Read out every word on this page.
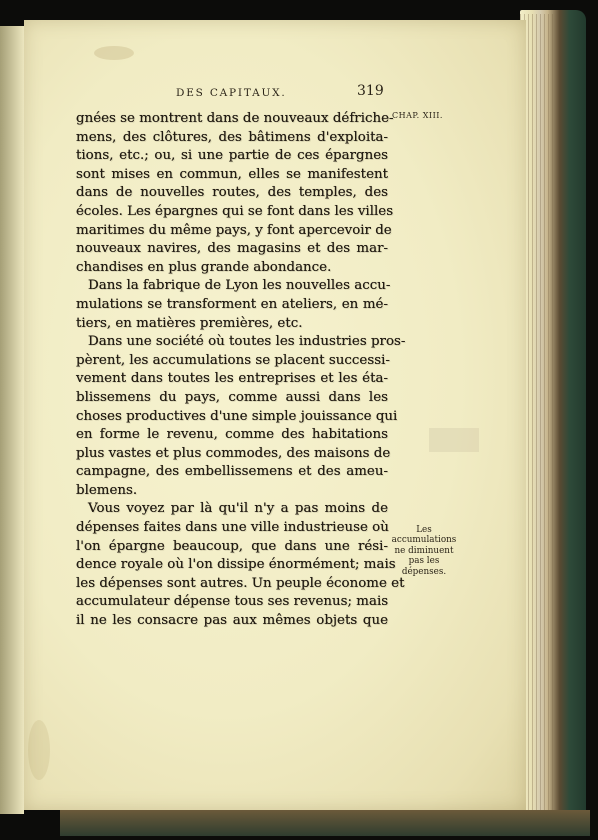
DES CAPITAUX.	319
CHAP. XIII.
gnées se montrent dans de nouveaux défriche-
mens, des clôtures, des bâtimens d'exploita-
tions, etc.; ou, si une partie de ces épargnes
sont mises en commun, elles se manifestent
dans de nouvelles routes, des temples, des
écoles. Les épargnes qui se font dans les villes
maritimes du même pays, y font apercevoir de
nouveaux navires, des magasins et des mar-
chandises en plus grande abondance.
Dans la fabrique de Lyon les nouvelles accu-
mulations se transforment en ateliers, en mé-
tiers, en matières premières, etc.
Dans une société où toutes les industries pros-
pèrent, les accumulations se placent successi-
vement dans toutes les entreprises et les éta-
blissemens du pays, comme aussi dans les
choses productives d'une simple jouissance qui
en forme le revenu, comme des habitations
plus vastes et plus commodes, des maisons de
campagne, des embellissemens et des ameu-
blemens.
Vous voyez par là qu'il n'y a pas moins de
dépenses faites dans une ville industrieuse où
l'on épargne beaucoup, que dans une rési-
dence royale où l'on dissipe énormément; mais
les dépenses sont autres. Un peuple économe et
accumulateur dépense tous ses revenus; mais
il ne les consacre pas aux mêmes objets que
Les
accumulations
ne diminuent
pas les
dépenses.
